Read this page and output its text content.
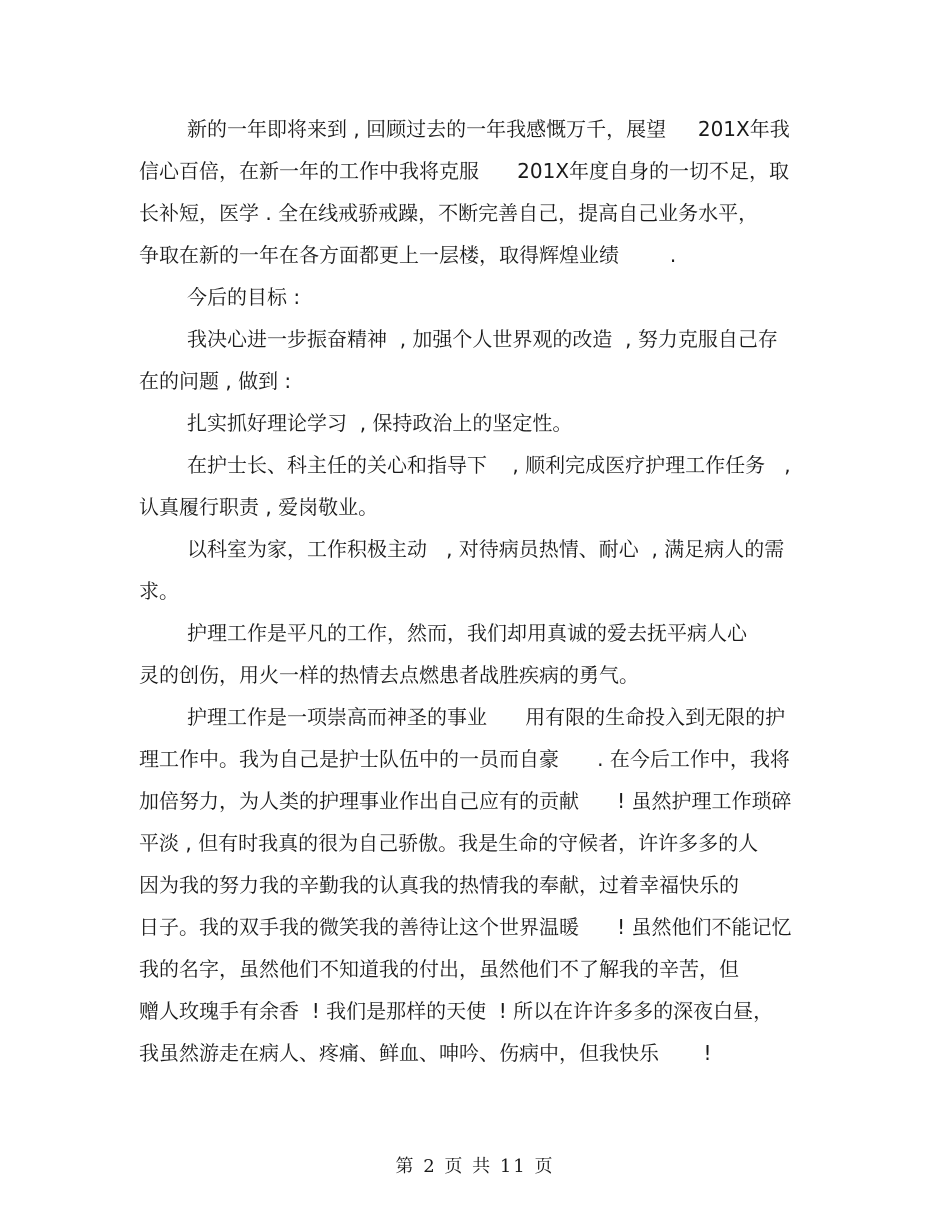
新的一年即将来到 , 回顾过去的一年我感慨万千，展望     201X年我
信心百倍，在新一年的工作中我将克服      201X年度自身的一切不足，取
长补短，医学 . 全在线戒骄戒躁，不断完善自己，提高自己业务水平，
争取在新的一年在各方面都更上一层楼，取得辉煌业绩        .
今后的目标 :
我决心进一步振奋精神  , 加强个人世界观的改造  , 努力克服自己存
在的问题 , 做到 :
扎实抓好理论学习  , 保持政治上的坚定性。
在护士长、科主任的关心和指导下    , 顺利完成医疗护理工作任务   ,
认真履行职责 , 爱岗敬业。
以科室为家，工作积极主动   , 对待病员热情、耐心  , 满足病人的需
求。
护理工作是平凡的工作，然而，我们却用真诚的爱去抚平病人心
灵的创伤，用火一样的热情去点燃患者战胜疾病的勇气。
护理工作是一项崇高而神圣的事业      用有限的生命投入到无限的护
理工作中。我为自己是护士队伍中的一员而自豪      . 在今后工作中，我将
加倍努力，为人类的护理事业作出自己应有的贡献      ! 虽然护理工作琐碎
平淡 , 但有时我真的很为自己骄傲。我是生命的守候者，许许多多的人
因为我的努力我的辛勤我的认真我的热情我的奉献，过着幸福快乐的
日子。我的双手我的微笑我的善待让这个世界温暖      ! 虽然他们不能记忆
我的名字，虽然他们不知道我的付出，虽然他们不了解我的辛苦，但
赠人玫瑰手有余香  ! 我们是那样的天使  ! 所以在许许多多的深夜白昼，
我虽然游走在病人、疼痛、鲜血、呻吟、伤病中，但我快乐       !
第 2 页 共 11 页
